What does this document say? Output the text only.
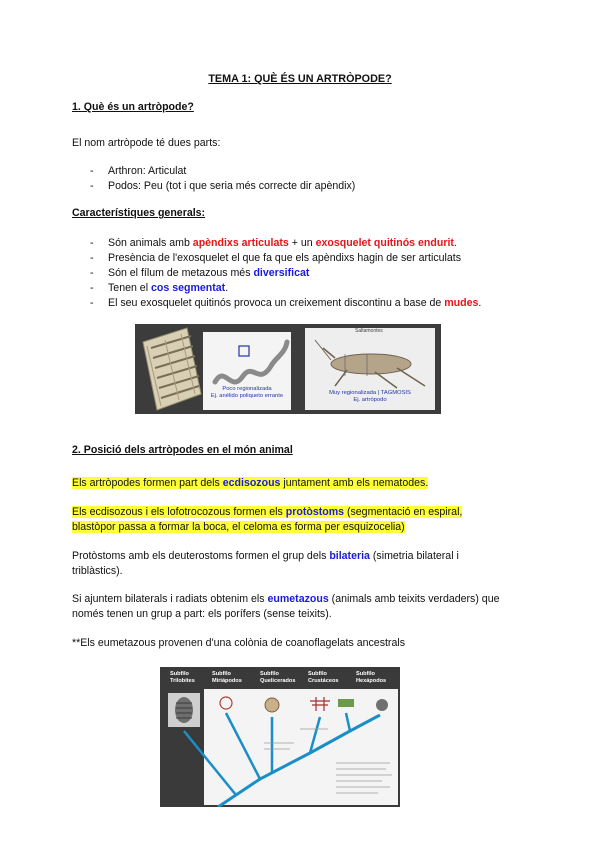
TEMA 1: QUÈ ÉS UN ARTRÒPODE?
1. Què és un artròpode?
El nom artròpode té dues parts:
- Arthron: Articulat
- Podos: Peu (tot i que seria més correcte dir apèndix)
Característiques generals:
- Són animals amb apèndixs articulats + un exosquelet quitinós endurit.
- Presència de l'exosquelet el que fa que els apèndixs hagin de ser articulats
- Són el fílum de metazous més diversificat
- Tenen el cos segmentat.
- El seu exosquelet quitinós provoca un creixement discontinu a base de mudes.
Poco regionalizada
Ej. anélido poliqueto errante
Muy regionalizada | TAGMOSIS
Ej. artrópodo
Saltamontes
2. Posició dels artròpodes en el món animal
Els artròpodes formen part dels ecdisozous juntament amb els nematodes.
Els ecdisozous i els lofotrocozous formen els protòstoms (segmentació en espiral,
blastòpor passa a formar la boca, el celoma es forma per esquizocelia)
Protòstoms amb els deuterostoms formen el grup dels bilateria (simetria bilateral i
triblàstics).
Si ajuntem bilaterals i radiats obtenim els eumetazous (animals amb teixits verdaders) que
només tenen un grup a part: els porífers (sense teixits).
**Els eumetazous provenen d'una colònia de coanoflagelats ancestrals
Subfilo
Trilobites
Subfilo
Miriápodos
Subfilo
Quelicerados
Subfilo
Crustáceos
Subfilo
Hexápodos
